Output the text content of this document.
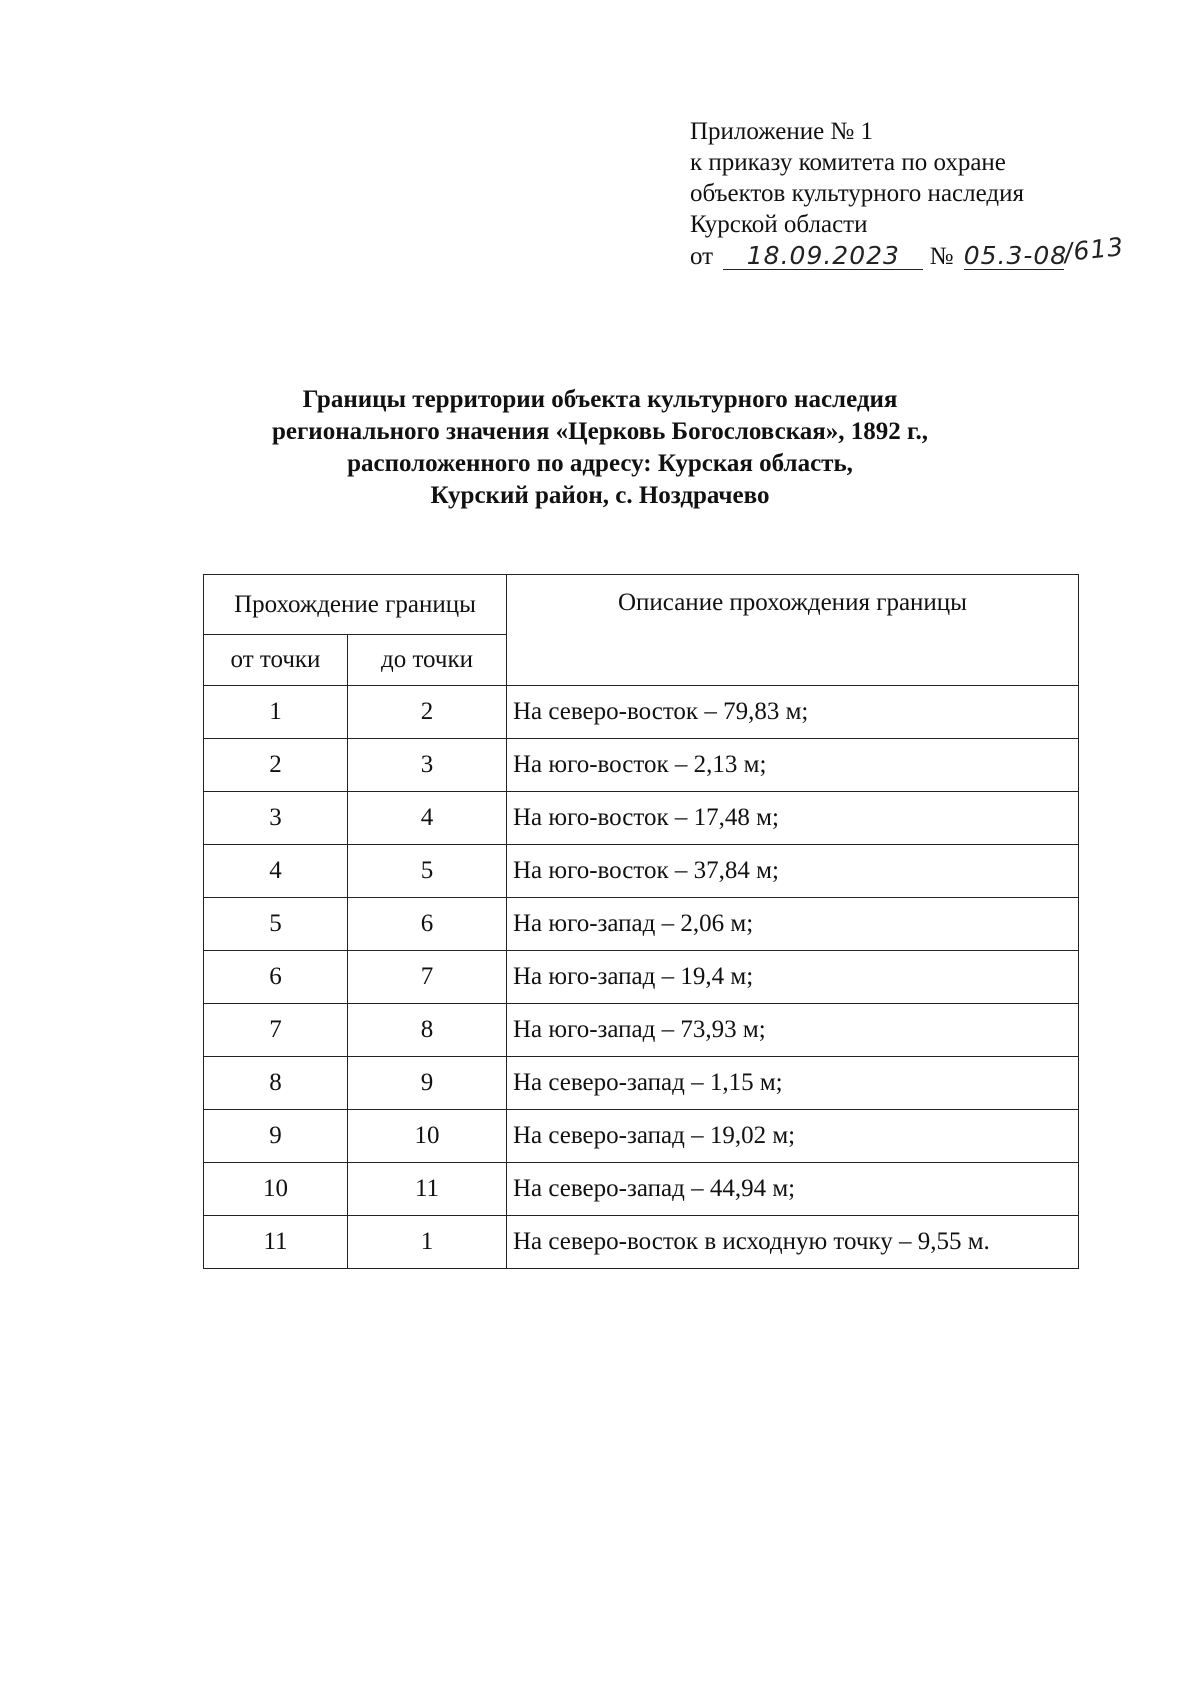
Приложение № 1
к приказу комитета по охране
объектов культурного наследия
Курской области
от 18.09.2023 № 05.3-08/613
Границы территории объекта культурного наследия
регионального значения «Церковь Богословская», 1892 г.,
расположенного по адресу: Курская область,
Курский район, с. Ноздрачево
Прохождение границы		Описание прохождения границы
от точки	до точки	
1	2	На северо-восток – 79,83 м;
2	3	На юго-восток – 2,13 м;
3	4	На юго-восток – 17,48 м;
4	5	На юго-восток – 37,84 м;
5	6	На юго-запад – 2,06 м;
6	7	На юго-запад – 19,4 м;
7	8	На юго-запад – 73,93 м;
8	9	На северо-запад – 1,15 м;
9	10	На северо-запад – 19,02 м;
10	11	На северо-запад – 44,94 м;
11	1	На северо-восток в исходную точку – 9,55 м.
